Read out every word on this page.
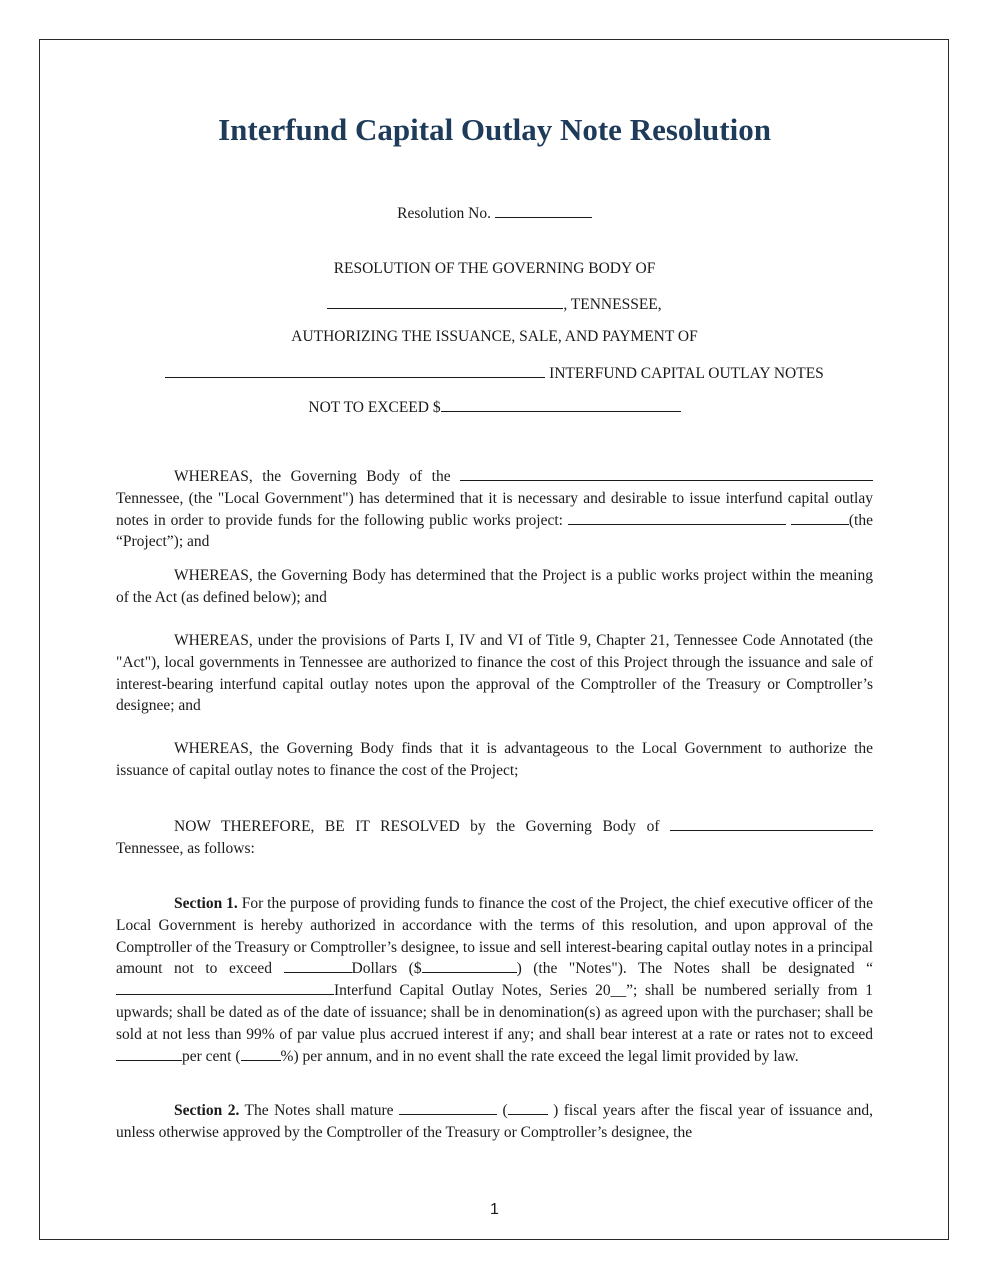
Interfund Capital Outlay Note Resolution
Resolution No.
RESOLUTION OF THE GOVERNING BODY OF
, TENNESSEE,
AUTHORIZING THE ISSUANCE, SALE, AND PAYMENT OF
INTERFUND CAPITAL OUTLAY NOTES
NOT TO EXCEED $

WHEREAS, the Governing Body of the  Tennessee, (the "Local Government") has determined that it is necessary and desirable to issue interfund capital outlay notes in order to provide funds for the following public works project:	(the “Project”); and

WHEREAS, the Governing Body has determined that the Project is a public works project within the meaning of the Act (as defined below); and

WHEREAS, under the provisions of Parts I, IV and VI of Title 9, Chapter 21, Tennessee Code Annotated (the "Act"), local governments in Tennessee are authorized to finance the cost of this Project through the issuance and sale of interest-bearing interfund capital outlay notes upon the approval of the Comptroller of the Treasury or Comptroller’s designee; and

WHEREAS, the Governing Body finds that it is advantageous to the Local Government to authorize the issuance of capital outlay notes to finance the cost of the Project;

NOW THEREFORE, BE IT RESOLVED by the Governing Body of  Tennessee, as follows:

Section 1. For the purpose of providing funds to finance the cost of the Project, the chief executive officer of the Local Government is hereby authorized in accordance with the terms of this resolution, and upon approval of the Comptroller of the Treasury or Comptroller’s designee, to issue and sell interest-bearing capital outlay notes in a principal amount not to exceed	Dollars ($	) (the "Notes"). The Notes shall be designated “Interfund Capital Outlay Notes, Series 20__”; shall be numbered serially from 1 upwards; shall be dated as of the date of issuance; shall be in denomination(s) as agreed upon with the purchaser; shall be sold at not less than 99% of par value plus accrued interest if any; and shall bear interest at a rate or rates not to exceed per cent (	%) per annum, and in no event shall the rate exceed the legal limit provided by law.

Section 2. The Notes shall mature	(	) fiscal years after the fiscal year of issuance and, unless otherwise approved by the Comptroller of the Treasury or Comptroller’s designee, the

1
